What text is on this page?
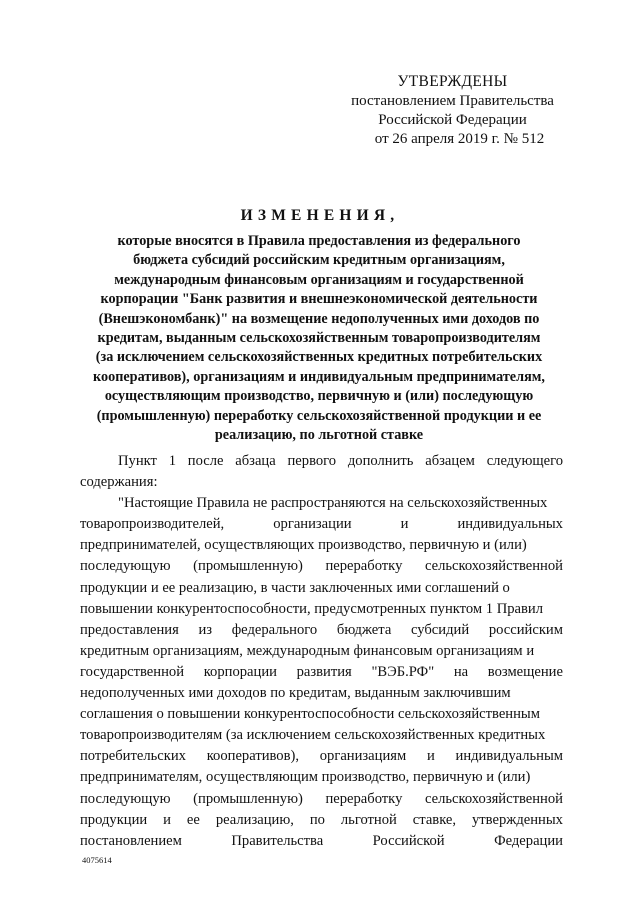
УТВЕРЖДЕНЫ
постановлением Правительства
Российской Федерации
от 26 апреля 2019 г. № 512
ИЗМЕНЕНИЯ,
которые вносятся в Правила предоставления из федерального
бюджета субсидий российским кредитным организациям,
международным финансовым организациям и государственной
корпорации "Банк развития и внешнеэкономической деятельности
(Внешэкономбанк)" на возмещение недополученных ими доходов по
кредитам, выданным сельскохозяйственным товаропроизводителям
(за исключением сельскохозяйственных кредитных потребительских
кооперативов), организациям и индивидуальным предпринимателям,
осуществляющим производство, первичную и (или) последующую
(промышленную) переработку сельскохозяйственной продукции и ее
реализацию, по льготной ставке
Пункт 1 после абзаца первого дополнить абзацем следующего
содержания:
"Настоящие Правила не распространяются на сельскохозяйственных
товаропроизводителей,	организации	и	индивидуальных
предпринимателей, осуществляющих производство, первичную и (или)
последующую (промышленную) переработку сельскохозяйственной
продукции и ее реализацию, в части заключенных ими соглашений о
повышении конкурентоспособности, предусмотренных пунктом 1 Правил
предоставления из федерального бюджета субсидий российским
кредитным организациям, международным финансовым организациям и
государственной корпорации развития "ВЭБ.РФ" на возмещение
недополученных ими доходов по кредитам, выданным заключившим
соглашения о повышении конкурентоспособности сельскохозяйственным
товаропроизводителям (за исключением сельскохозяйственных кредитных
потребительских кооперативов), организациям и индивидуальным
предпринимателям, осуществляющим производство, первичную и (или)
последующую (промышленную) переработку сельскохозяйственной
продукции и ее реализацию, по льготной ставке, утвержденных
постановлением	Правительства	Российской	Федерации
4075614
